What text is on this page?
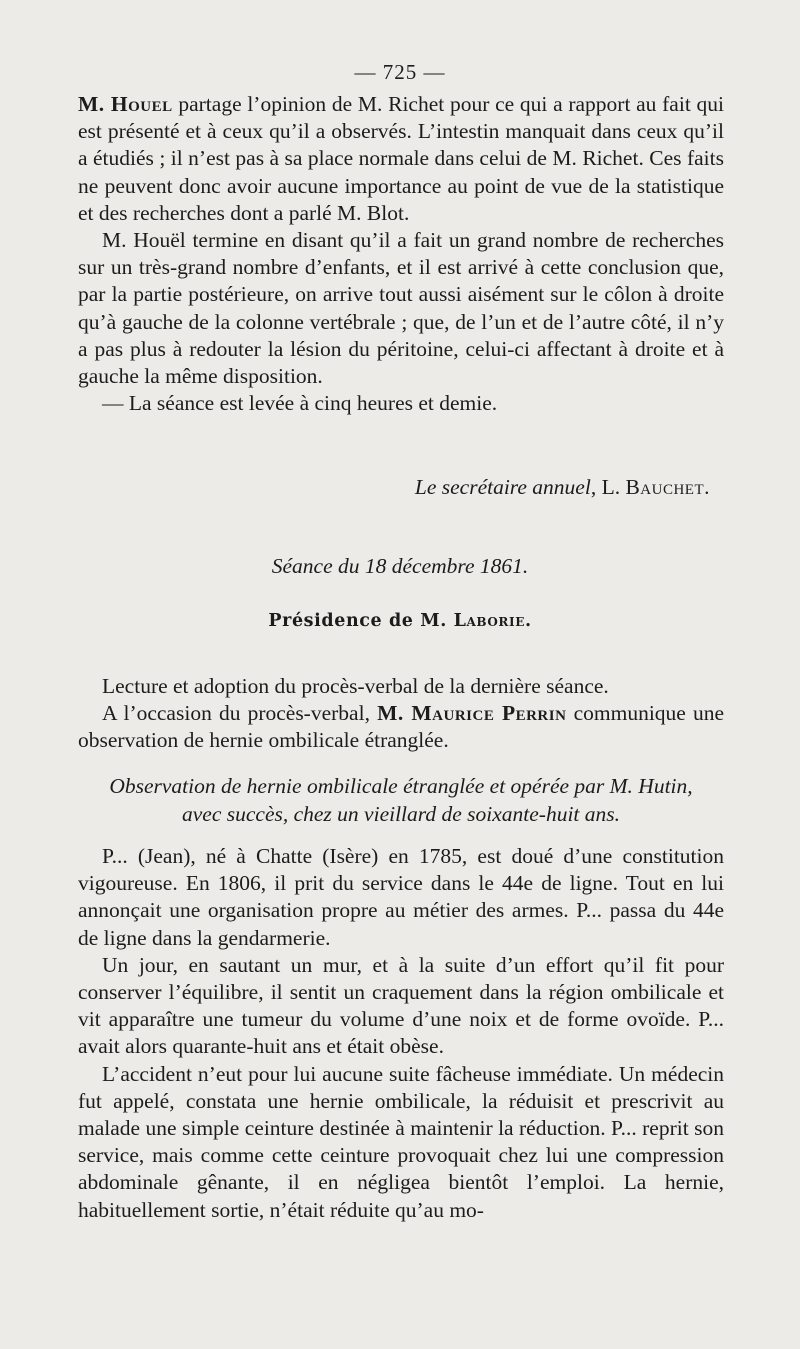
— 725 —

M. Houel partage l’opinion de M. Richet pour ce qui a rapport au fait qui est présenté et à ceux qu’il a observés. L’intestin manquait dans ceux qu’il a étudiés ; il n’est pas à sa place normale dans celui de M. Richet. Ces faits ne peuvent donc avoir aucune importance au point de vue de la statistique et des recherches dont a parlé M. Blot.

M. Houël termine en disant qu’il a fait un grand nombre de recherches sur un très-grand nombre d’enfants, et il est arrivé à cette conclusion que, par la partie postérieure, on arrive tout aussi aisément sur le côlon à droite qu’à gauche de la colonne vertébrale ; que, de l’un et de l’autre côté, il n’y a pas plus à redouter la lésion du péritoine, celui-ci affectant à droite et à gauche la même disposition.

— La séance est levée à cinq heures et demie.

Le secrétaire annuel, L. Bauchet.
Séance du 18 décembre 1861.
Présidence de M. Laborie.

Lecture et adoption du procès-verbal de la dernière séance.

A l’occasion du procès-verbal, M. Maurice Perrin communique une observation de hernie ombilicale étranglée.

Observation de hernie ombilicale étranglée et opérée par M. Hutin,
avec succès, chez un vieillard de soixante-huit ans.

P... (Jean), né à Chatte (Isère) en 1785, est doué d’une constitution vigoureuse. En 1806, il prit du service dans le 44e de ligne. Tout en lui annonçait une organisation propre au métier des armes. P... passa du 44e de ligne dans la gendarmerie.

Un jour, en sautant un mur, et à la suite d’un effort qu’il fit pour conserver l’équilibre, il sentit un craquement dans la région ombilicale et vit apparaître une tumeur du volume d’une noix et de forme ovoïde. P... avait alors quarante-huit ans et était obèse.

L’accident n’eut pour lui aucune suite fâcheuse immédiate. Un médecin fut appelé, constata une hernie ombilicale, la réduisit et prescrivit au malade une simple ceinture destinée à maintenir la réduction. P... reprit son service, mais comme cette ceinture provoquait chez lui une compression abdominale gênante, il en négligea bientôt l’emploi. La hernie, habituellement sortie, n’était réduite qu’au mo-
